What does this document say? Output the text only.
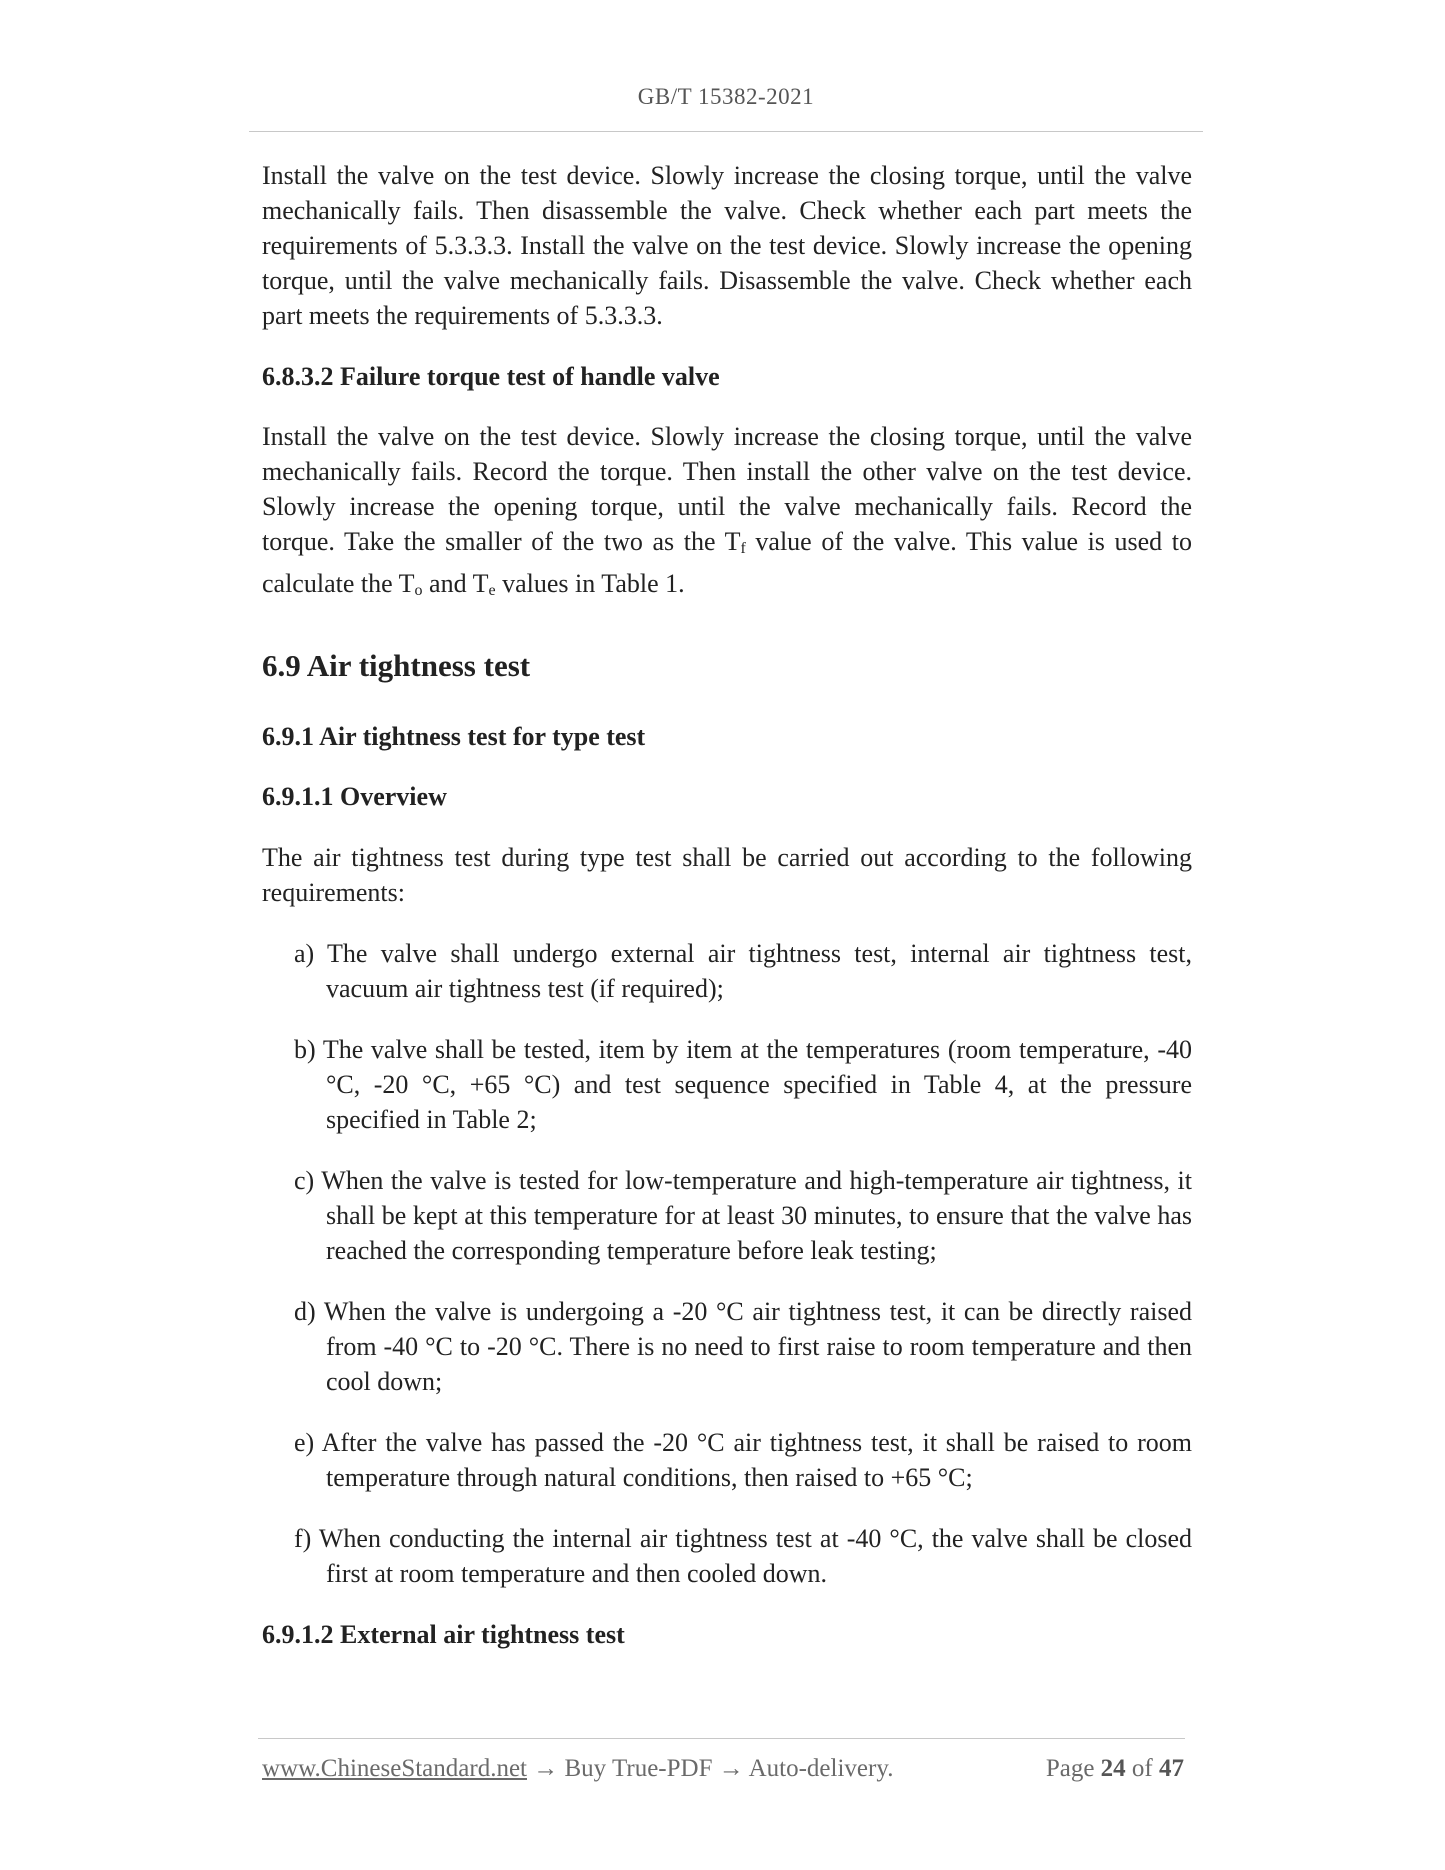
GB/T 15382-2021

Install the valve on the test device. Slowly increase the closing torque, until the valve mechanically fails. Then disassemble the valve. Check whether each part meets the requirements of 5.3.3.3. Install the valve on the test device. Slowly increase the opening torque, until the valve mechanically fails. Disassemble the valve. Check whether each part meets the requirements of 5.3.3.3.

6.8.3.2 Failure torque test of handle valve

Install the valve on the test device. Slowly increase the closing torque, until the valve mechanically fails. Record the torque. Then install the other valve on the test device. Slowly increase the opening torque, until the valve mechanically fails. Record the torque. Take the smaller of the two as the Tf value of the valve. This value is used to calculate the To and Te values in Table 1.

6.9 Air tightness test

6.9.1 Air tightness test for type test

6.9.1.1 Overview

The air tightness test during type test shall be carried out according to the following requirements:

a) The valve shall undergo external air tightness test, internal air tightness test, vacuum air tightness test (if required);

b) The valve shall be tested, item by item at the temperatures (room temperature, -40 °C, -20 °C, +65 °C) and test sequence specified in Table 4, at the pressure specified in Table 2;

c) When the valve is tested for low-temperature and high-temperature air tightness, it shall be kept at this temperature for at least 30 minutes, to ensure that the valve has reached the corresponding temperature before leak testing;

d) When the valve is undergoing a -20 °C air tightness test, it can be directly raised from -40 °C to -20 °C. There is no need to first raise to room temperature and then cool down;

e) After the valve has passed the -20 °C air tightness test, it shall be raised to room temperature through natural conditions, then raised to +65 °C;

f) When conducting the internal air tightness test at -40 °C, the valve shall be closed first at room temperature and then cooled down.

6.9.1.2 External air tightness test

www.ChineseStandard.net → Buy True-PDF → Auto-delivery.	Page 24 of 47
